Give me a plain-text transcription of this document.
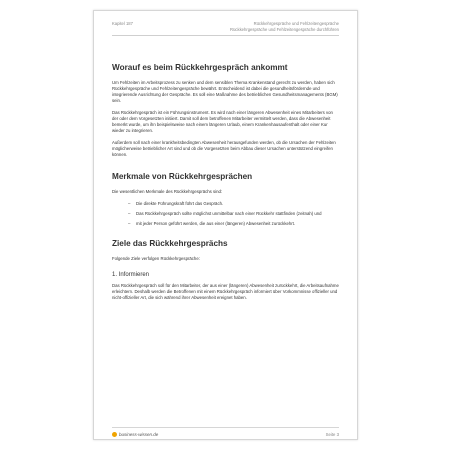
Kapitel 187	Rückkehrgespräche und Fehlzeitengespräche
Rückkehrgespräche und Fehlzeitengespräche durchführen
Worauf es beim Rückkehrgespräch ankommt

Um Fehlzeiten im Arbeitsprozess zu senken und dem sensiblen Thema Krankenstand gerecht zu werden, haben sich Rückkehrgespräche und Fehlzeitengespräche bewährt. Entscheidend ist dabei die gesundheitsfördernde und integrierende Ausrichtung der Gespräche. Es soll eine Maßnahme des betrieblichen Gesundheitsmanagements (BGM) sein.

Das Rückkehrgespräch ist ein Führungsinstrument. Es wird nach einer längeren Abwesenheit eines Mitarbeiters von der oder dem Vorgesetzten initiiert. Damit soll dem betroffenen Mitarbeiter vermittelt werden, dass die Abwesenheit bemerkt wurde, um ihn beispielsweise nach einem längeren Urlaub, einem Krankenhausaufenthalt oder einer Kur wieder zu integrieren.

Außerdem soll nach einer krankheitsbedingten Abwesenheit herausgefunden werden, ob die Ursachen der Fehlzeiten möglicherweise betrieblicher Art sind und ob die Vorgesetzten beim Abbau dieser Ursachen unterstützend eingreifen können.

Merkmale von Rückkehrgesprächen

Die wesentlichen Merkmale des Rückkehrgesprächs sind:

– Die direkte Führungskraft führt das Gespräch.
– Das Rückkehrgespräch sollte möglichst unmittelbar nach einer Rückkehr stattfinden (zeitnah) und
– mit jeder Person geführt werden, die aus einer (längeren) Abwesenheit zurückkehrt.
Ziele das Rückkehrgesprächs

Folgende Ziele verfolgen Rückkehrgespräche:

1. Informieren

Das Rückkehrgespräch soll für den Mitarbeiter, der aus einer (längeren) Abwesenheit zurückkehrt, die Arbeitsaufnahme erleichtern. Deshalb werden die Betroffenen mit einem Rückkehrgespräch informiert über Vorkommnisse offizieller und nicht-offizieller Art, die sich während ihrer Abwesenheit ereignet haben.

business-wissen.de	Seite 3
